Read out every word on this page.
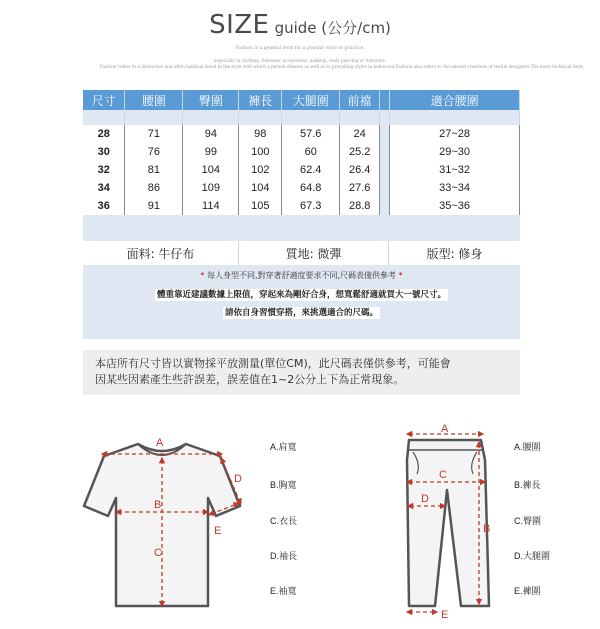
SIZE guide (公分/cm)
Fashion is a general term for a popular style or practice,
especially in clothing, footwear, accessories, makeup, body piercing or furniture.
Fashion refers to a distinctive and often habitual trend in the style with which a person dresses as well as to prevailing styles in behaviour.Fashion also refers to the newest creations of textile designers.The more technical term
尺寸	腰圍	臀圍	褲長	大腿圍	前襠		適合腰圍

28	71	94	98	57.6	24		27~28
30	76	99	100	60	25.2		29~30
32	81	104	102	62.4	26.4		31~32
34	86	109	104	64.8	27.6		33~34
36	91	114	105	67.3	28.8		35~36
面料: 牛仔布	質地: 微彈	版型: 修身
* 每人身型不同,對穿著舒適度要求不同,尺碼表僅供參考 *
體重靠近建議數據上限值，穿起來為剛好合身，想寬鬆舒適就買大一號尺寸。
請依自身習慣穿搭，來挑選適合的尺碼。
本店所有尺寸皆以實物採平放測量(單位CM)，此尺碼表僅供參考，可能會
因某些因素產生些許誤差，誤差值在1~2公分上下為正常現象。
A
B
C
D
E
A.肩寬
B.胸寬
C.衣長
D.袖長
E.袖寬
A
B
C
D
E
A.腰圍
B.褲長
C.臀圍
D.大腿圍
E.褲圍
